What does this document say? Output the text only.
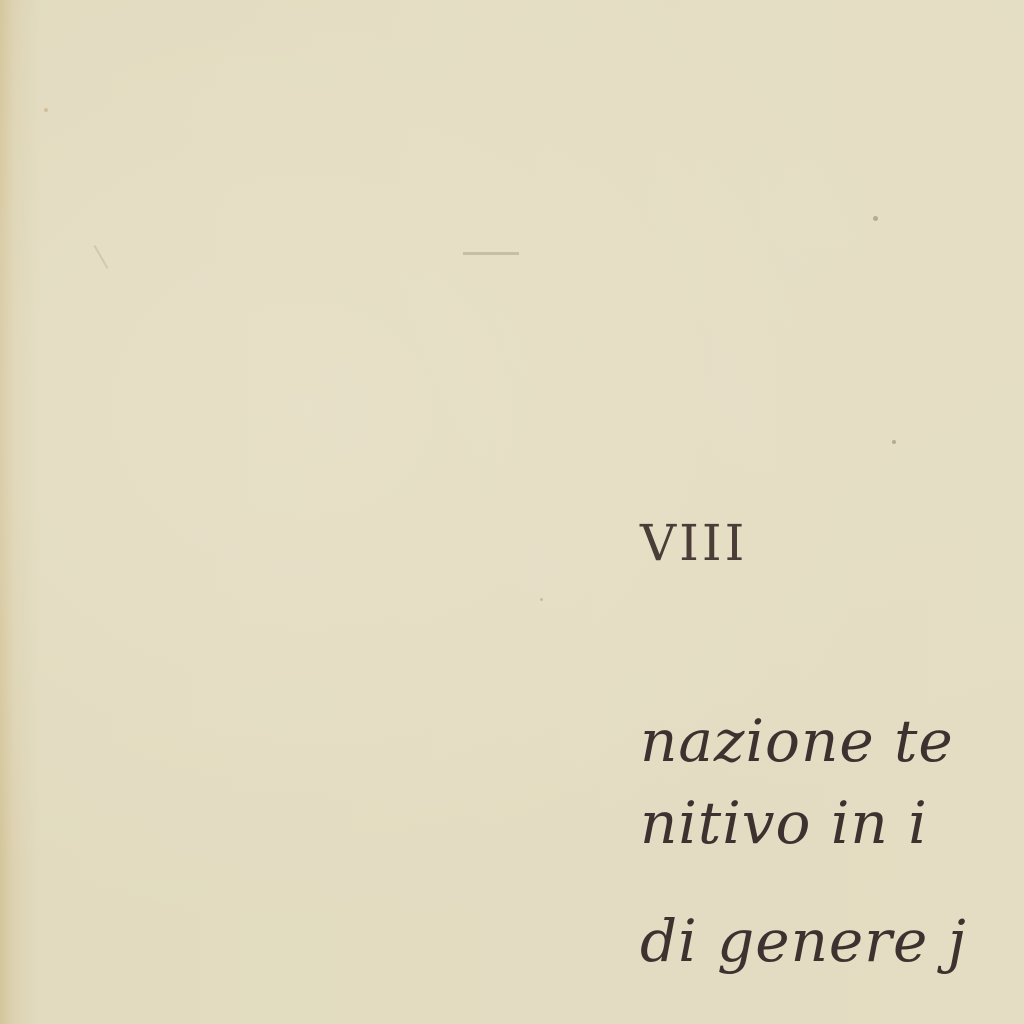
VIII
nazione te
nitivo in i
di genere j
